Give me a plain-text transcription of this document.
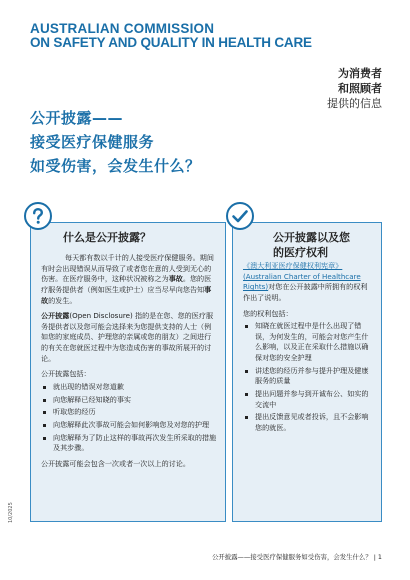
AUSTRALIAN COMMISSION
ON SAFETY AND QUALITY IN HEALTH CARE
为消费者
和照顾者
提供的信息
公开披露——
接受医疗保健服务
如受伤害，会发生什么？
什么是公开披露？

每天都有数以千计的人接受医疗保健服务。期间有时会出现错误从而导致了或者您在意的人受到无心的伤害。在医疗服务中，这种状况被称之为事故。您的医疗服务提供者（例如医生或护士）应当尽早向您告知事故的发生。

公开披露(Open Disclosure) 指的是在您、您的医疗服务提供者以及您可能会选择来为您提供支持的人士（例如您的家庭成员、护理您的亲属或您的朋友）之间进行的有关在您就医过程中为您造成伤害的事故所展开的讨论。

公开披露包括：

就出现的错误对您道歉
向您解释已经知晓的事实
听取您的经历
向您解释此次事故可能会如何影响您及对您的护理
向您解释为了防止这样的事故再次发生所采取的措施及其步骤。

公开披露可能会包含一次或者一次以上的讨论。

公开披露以及您
的医疗权利

《澳大利亚医疗保健权利宪章》(Australian Charter of Healthcare Rights)对您在公开披露中所拥有的权利作出了说明。

您的权利包括：

知晓在就医过程中是什么出现了错误，为何发生的，可能会对您产生什么影响，以及正在采取什么措施以确保对您的安全护理
讲述您的经历并参与提升护理及健康服务的质量
提出问题并参与到开诚布公、如实的交流中
提出反馈意见或者投诉，且不会影响您的就医。
10/2025
公开披露——接受医疗保健服务如受伤害，会发生什么？ | 1
